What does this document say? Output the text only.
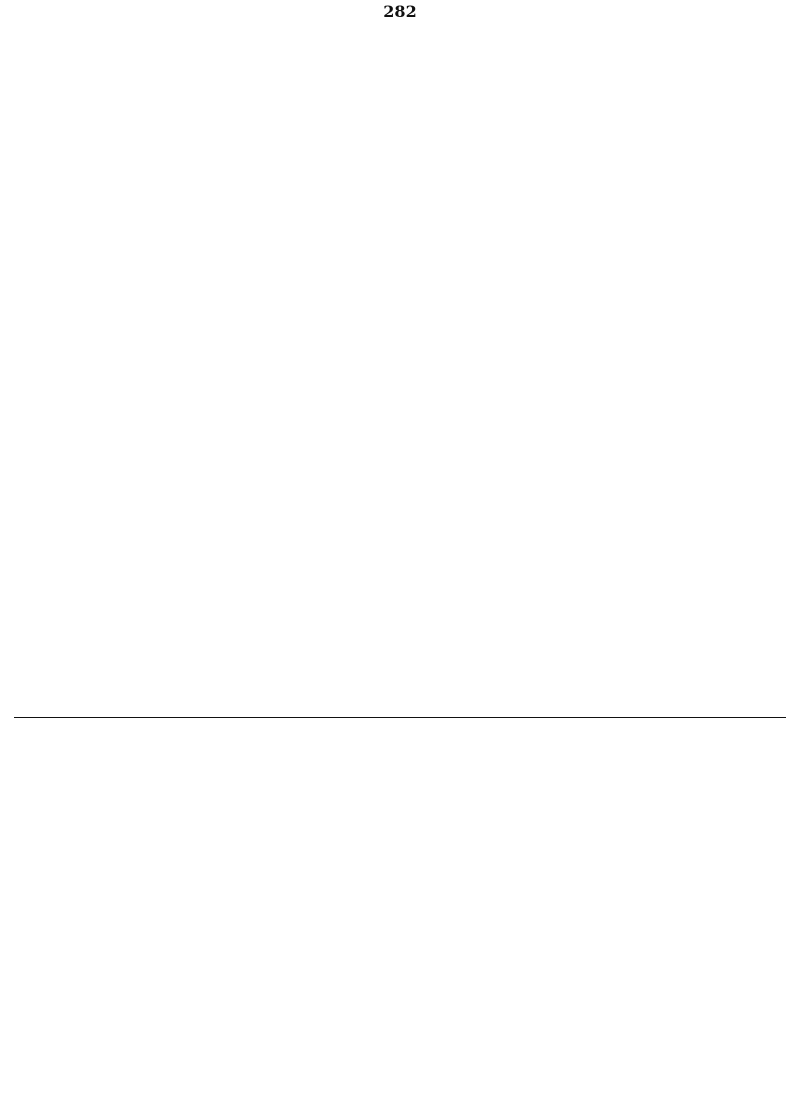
282
